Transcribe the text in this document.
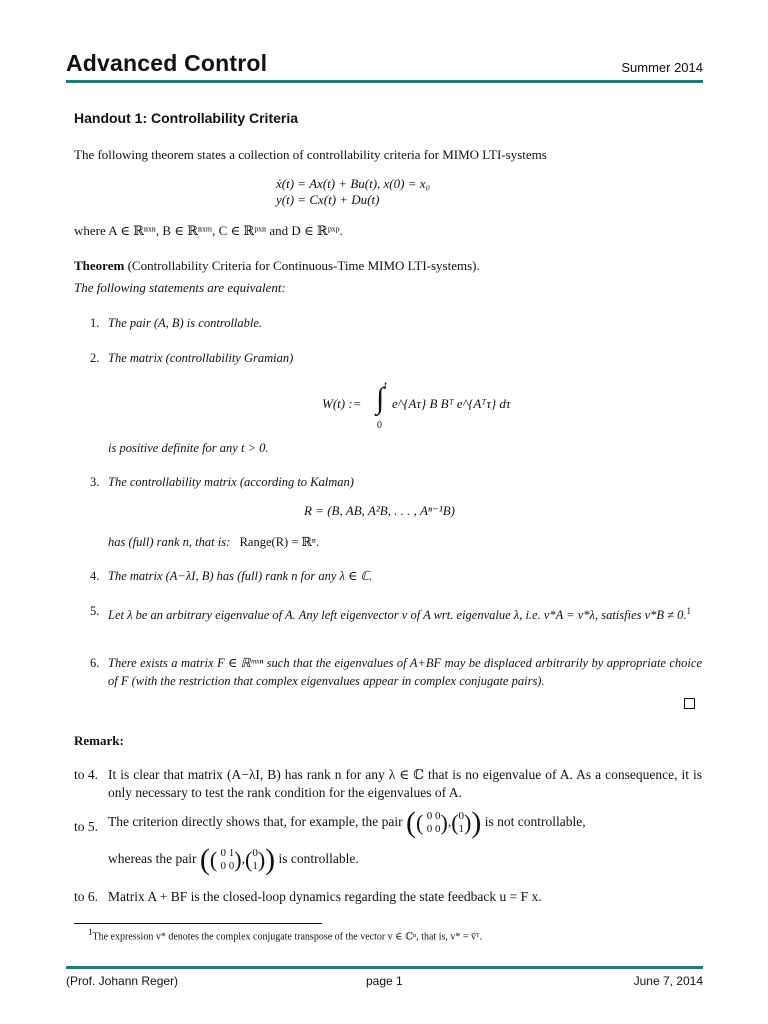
Advanced Control	Summer 2014
Handout 1: Controllability Criteria
The following theorem states a collection of controllability criteria for MIMO LTI-systems
ẋ(t) = Ax(t) + Bu(t), x(0) = x₀
y(t) = Cx(t) + Du(t)
where A ∈ ℝⁿˣⁿ, B ∈ ℝⁿˣᵐ, C ∈ ℝᵖˣⁿ and D ∈ ℝᵖˣᵖ.
Theorem (Controllability Criteria for Continuous-Time MIMO LTI-systems).
The following statements are equivalent:
1. The pair (A, B) is controllable.
2. The matrix (controllability Gramian)
W(t) :=
t
∫
0
e^{Aτ} B Bᵀ e^{Aᵀτ} dτ
is positive definite for any t > 0.
3. The controllability matrix (according to Kalman)
R = (B, AB, A²B, . . . , Aⁿ⁻¹B)
has (full) rank n, that is: Range(R) = ℝⁿ.
4. The matrix (A−λI, B) has (full) rank n for any λ ∈ ℂ.
5. Let λ be an arbitrary eigenvalue of A. Any left eigenvector v of A wrt. eigenvalue λ, i.e. v*A = v*λ, satisfies v*B ≠ 0.$^1$
6. There exists a matrix F ∈ ℝᵐˣⁿ such that the eigenvalues of A+BF may be displaced arbitrarily by appropriate choice of F (with the restriction that complex eigenvalues appear in complex conjugate pairs).
Remark:
to 4. It is clear that matrix (A−λI, B) has rank n for any λ ∈ ℂ that is no eigenvalue of A. As a consequence, it is only necessary to test the rank condition for the eigenvalues of A.
to 5. The criterion directly shows that, for example, the pair (( 0 0
0 0),(0
1)) is not controllable,
whereas the pair (( 0 1
0 0),(0
1)) is controllable.
to 6. Matrix A + BF is the closed-loop dynamics regarding the state feedback u = F x.
$^1$The expression v* denotes the complex conjugate transpose of the vector v ∈ ℂⁿ, that is, v* = v̄ᵀ.
(Prof. Johann Reger)	page 1	June 7, 2014
